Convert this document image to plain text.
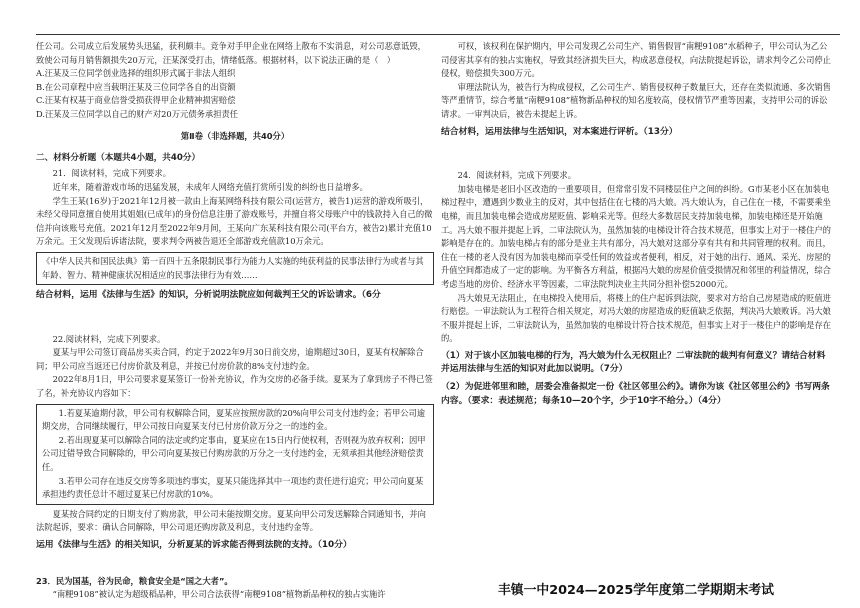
任公司。公司成立后发展势头迅猛，获利颇丰。竞争对手甲企业在网络上散布不实消息，对公司恶意诋毁，致使公司每月销售额损失20万元，汪某深受打击，情绪低落。根据材料，以下说法正确的是（　）

A.汪某及三位同学创业选择的组织形式属于非法人组织

B.在公司章程中应当载明汪某及三位同学各自的出资额

C.汪某有权基于商业信誉受损获得甲企业精神损害赔偿

D.汪某及三位同学以自己的财产对20万元债务承担责任

第Ⅱ卷（非选择题，共40分）

二、材料分析题（本题共4小题，共40分）

21．阅读材料，完成下列要求。

近年来，随着游戏市场的迅猛发展，未成年人网络充值打赏所引发的纠纷也日益增多。

学生王某(16岁)于2021年12月被一款由上海某网络科技有限公司(运营方，被告1)运营的游戏所吸引，未经父母同意擅自使用其姐姐(已成年)的身份信息注册了游戏账号，并擅自将父母账户中的钱款持入自己的微信并向该账号充值。2021年12月至2022年9月间，王某向广东某科技有限公司(平台方，被告2)累计充值10万余元。王父发现后诉诸法院，要求判令两被告退还全部游戏充值款10万余元。

《中华人民共和国民法典》第一百四十五条限制民事行为能力人实施的纯获利益的民事法律行为或者与其年龄、智力、精神健康状况相适应的民事法律行为有效……
结合材料，运用《法律与生活》的知识，分析说明法院应如何裁判王父的诉讼请求。（6分

22.阅读材料，完成下列要求。

夏某与甲公司签订商品房买卖合同，约定于2022年9月30日前交房，逾期超过30日，夏某有权解除合同；甲公司应当返还已付房价款及利息，并按已付房价款的8%支付违约金。

2022年8月1日，甲公司要求夏某签订一份补充协议，作为交房的必备手续。夏某为了拿到房子不得已签了名，补充协议内容如下：

1.若夏某逾期付款，甲公司有权解除合同，夏某应按照房款的20%向甲公司支付违约金；若甲公司逾期交房，合同继续履行，甲公司按日向夏某支付已付房价款万分之一的违约金。

2.若出现夏某可以解除合同的法定或约定事由，夏某应在15日内行使权利，否则视为放弃权利；因甲公司过错导致合同解除的，甲公司向夏某按已付购房款的万分之一支付违约金，无须承担其他经济赔偿责任。

3.若甲公司存在违反交房等多项违约事实，夏某只能选择其中一项违约责任进行追究；甲公司向夏某承担违约责任总计不超过夏某已付房款的10%。

夏某按合同约定的日期支付了购房款，甲公司未能按期交房。夏某向甲公司发送解除合同通知书，并向法院起诉，要求：确认合同解除，甲公司退还购房款及利息，支付违约金等。

运用《法律与生活》的相关知识，分析夏某的诉求能否得到法院的支持。（10分）

23．民为国基，谷为民命，粮食安全是“国之大者”。

“南粳9108”被认定为超级稻品种，甲公司合法获得“南粳9108”植物新品种权的独占实施许

可权，该权利在保护期内，甲公司发现乙公司生产、销售假冒“南粳9108”水稻种子，甲公司认为乙公司侵害其享有的独占实施权，导致其经济损失巨大，构成恶意侵权，向法院提起诉讼，请求判令乙公司停止侵权，赔偿损失300万元。

审理法院认为，被告行为构成侵权，乙公司生产、销售侵权种子数量巨大，还存在类似流通、多次销售等严重情节，综合考量“南粳9108”植物新品种权的知名度较高，侵权情节严重等因素，支持甲公司的诉讼请求。一审判决后，被告未提起上诉。

结合材料，运用法律与生活知识，对本案进行评析。（13分）

24．阅读材料，完成下列要求。

加装电梯是老旧小区改造的一重要项目，但常常引发不同楼层住户之间的纠纷。G市某老小区在加装电梯过程中，遭遇到少数业主的反对，其中包括住在七楼的冯大娘。冯大娘认为，自己住在一楼，不需要乘坐电梯，而且加装电梯会造成房屋贬值、影响采光等。但经大多数居民支持加装电梯，加装电梯还是开始施工。冯大娘不服并提起上诉，二审法院认为，虽然加装的电梯设计符合技术规范，但事实上对于一楼住户的影响是存在的。加装电梯占有的部分是业主共有部分，冯大娘对这部分享有共有和共同管理的权利。而且，住在一楼的老人没有因为加装电梯而享受任何的效益或者便利，相反，对于她的出行、通风、采光、房屋的升值空间都造成了一定的影响。为平衡各方利益，根据冯大娘的房屋价值受损情况和邻里的利益情况，综合考虑当地的房价、经济水平等因素，二审法院判决业主共同分担补偿52000元。

冯大娘見无法阻止，在电梯投入使用后，将楼上的住户起诉到法院，要求对方给自己房屋造成的贬值进行赔偿。一审法院认为工程符合相关规定，对冯大娘的房屋造成的贬值缺乏依据，判决冯大娘败诉。冯大娘不服并提起上诉，二审法院认为，虽然加装的电梯设计符合技术规范，但事实上对于一楼住户的影响是存在的。

（1）对于该小区加装电梯的行为，冯大娘为什么无权阻止？二审法院的裁判有何意义？请结合材料并运用法律与生活的知识对此加以说明。（7分）
（2）为促进邻里和睦，居委会准备拟定一份《社区邻里公约》。请你为该《社区邻里公约》书写两条内容。（要求：表述规范；每条10—20个字，少于10字不给分。）（4分）
丰镇一中2024—2025学年度第二学期期末考试
